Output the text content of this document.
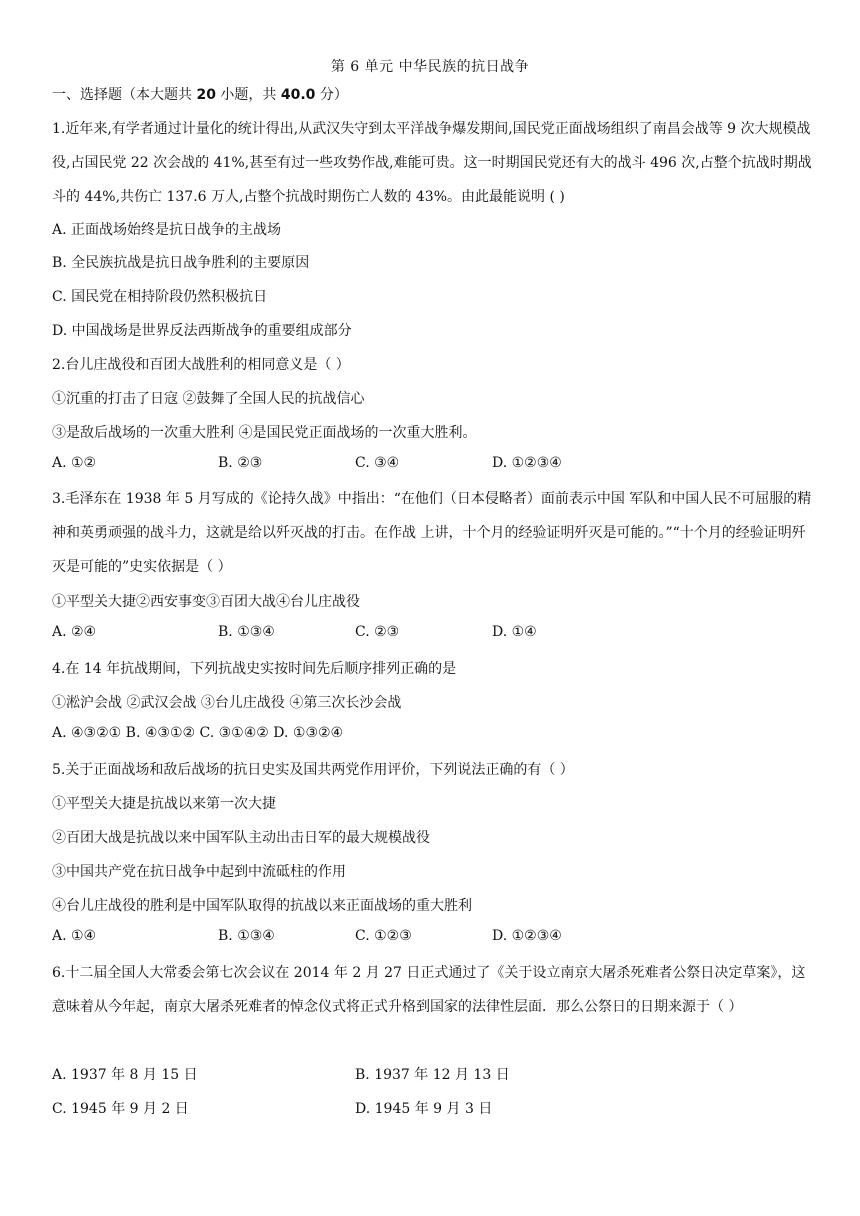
第 6 单元 中华民族的抗日战争
一、选择题（本大题共 20 小题，共 40.0 分）

1.近年来,有学者通过计量化的统计得出,从武汉失守到太平洋战争爆发期间,国民党正面战场组织了南昌会战等 9 次大规模战役,占国民党 22 次会战的 41%,甚至有过一些攻势作战,难能可贵。这一时期国民党还有大的战斗 496 次,占整个抗战时期战斗的 44%,共伤亡 137.6 万人,占整个抗战时期伤亡人数的 43%。由此最能说明 ( )

A. 正面战场始终是抗日战争的主战场
B. 全民族抗战是抗日战争胜利的主要原因
C. 国民党在相持阶段仍然积极抗日
D. 中国战场是世界反法西斯战争的重要组成部分
2.台儿庄战役和百团大战胜利的相同意义是（ ）
①沉重的打击了日寇 ②鼓舞了全国人民的抗战信心
③是敌后战场的一次重大胜利 ④是国民党正面战场的一次重大胜利。
A. ①②	B. ②③	C. ③④	D. ①②③④

3.毛泽东在 1938 年 5 月写成的《论持久战》中指出：“在他们（日本侵略者）面前表示中国 军队和中国人民不可屈服的精神和英勇顽强的战斗力，这就是给以歼灭战的打击。在作战 上讲，十个月的经验证明歼灭是可能的。”“十个月的经验证明歼灭是可能的”史实依据是（ ）

①平型关大捷②西安事变③百团大战④台儿庄战役
A. ②④	B. ①③④	C. ②③	D. ①④
4.在 14 年抗战期间，下列抗战史实按时间先后顺序排列正确的是
①淞沪会战 ②武汉会战 ③台儿庄战役 ④第三次长沙会战
A. ④③②① B. ④③①② C. ③①④② D. ①③②④
5.关于正面战场和敌后战场的抗日史实及国共两党作用评价，下列说法正确的有（ ）
①平型关大捷是抗战以来第一次大捷
②百团大战是抗战以来中国军队主动出击日军的最大规模战役
③中国共产党在抗日战争中起到中流砥柱的作用
④台儿庄战役的胜利是中国军队取得的抗战以来正面战场的重大胜利
A. ①④	B. ①③④	C. ①②③	D. ①②③④

6.十二届全国人大常委会第七次会议在 2014 年 2 月 27 日正式通过了《关于设立南京大屠杀死难者公祭日决定草案》，这意味着从今年起，南京大屠杀死难者的悼念仪式将正式升格到国家的法律性层面．那么公祭日的日期来源于（ ）

A. 1937 年 8 月 15 日	B. 1937 年 12 月 13 日
C. 1945 年 9 月 2 日	D. 1945 年 9 月 3 日
